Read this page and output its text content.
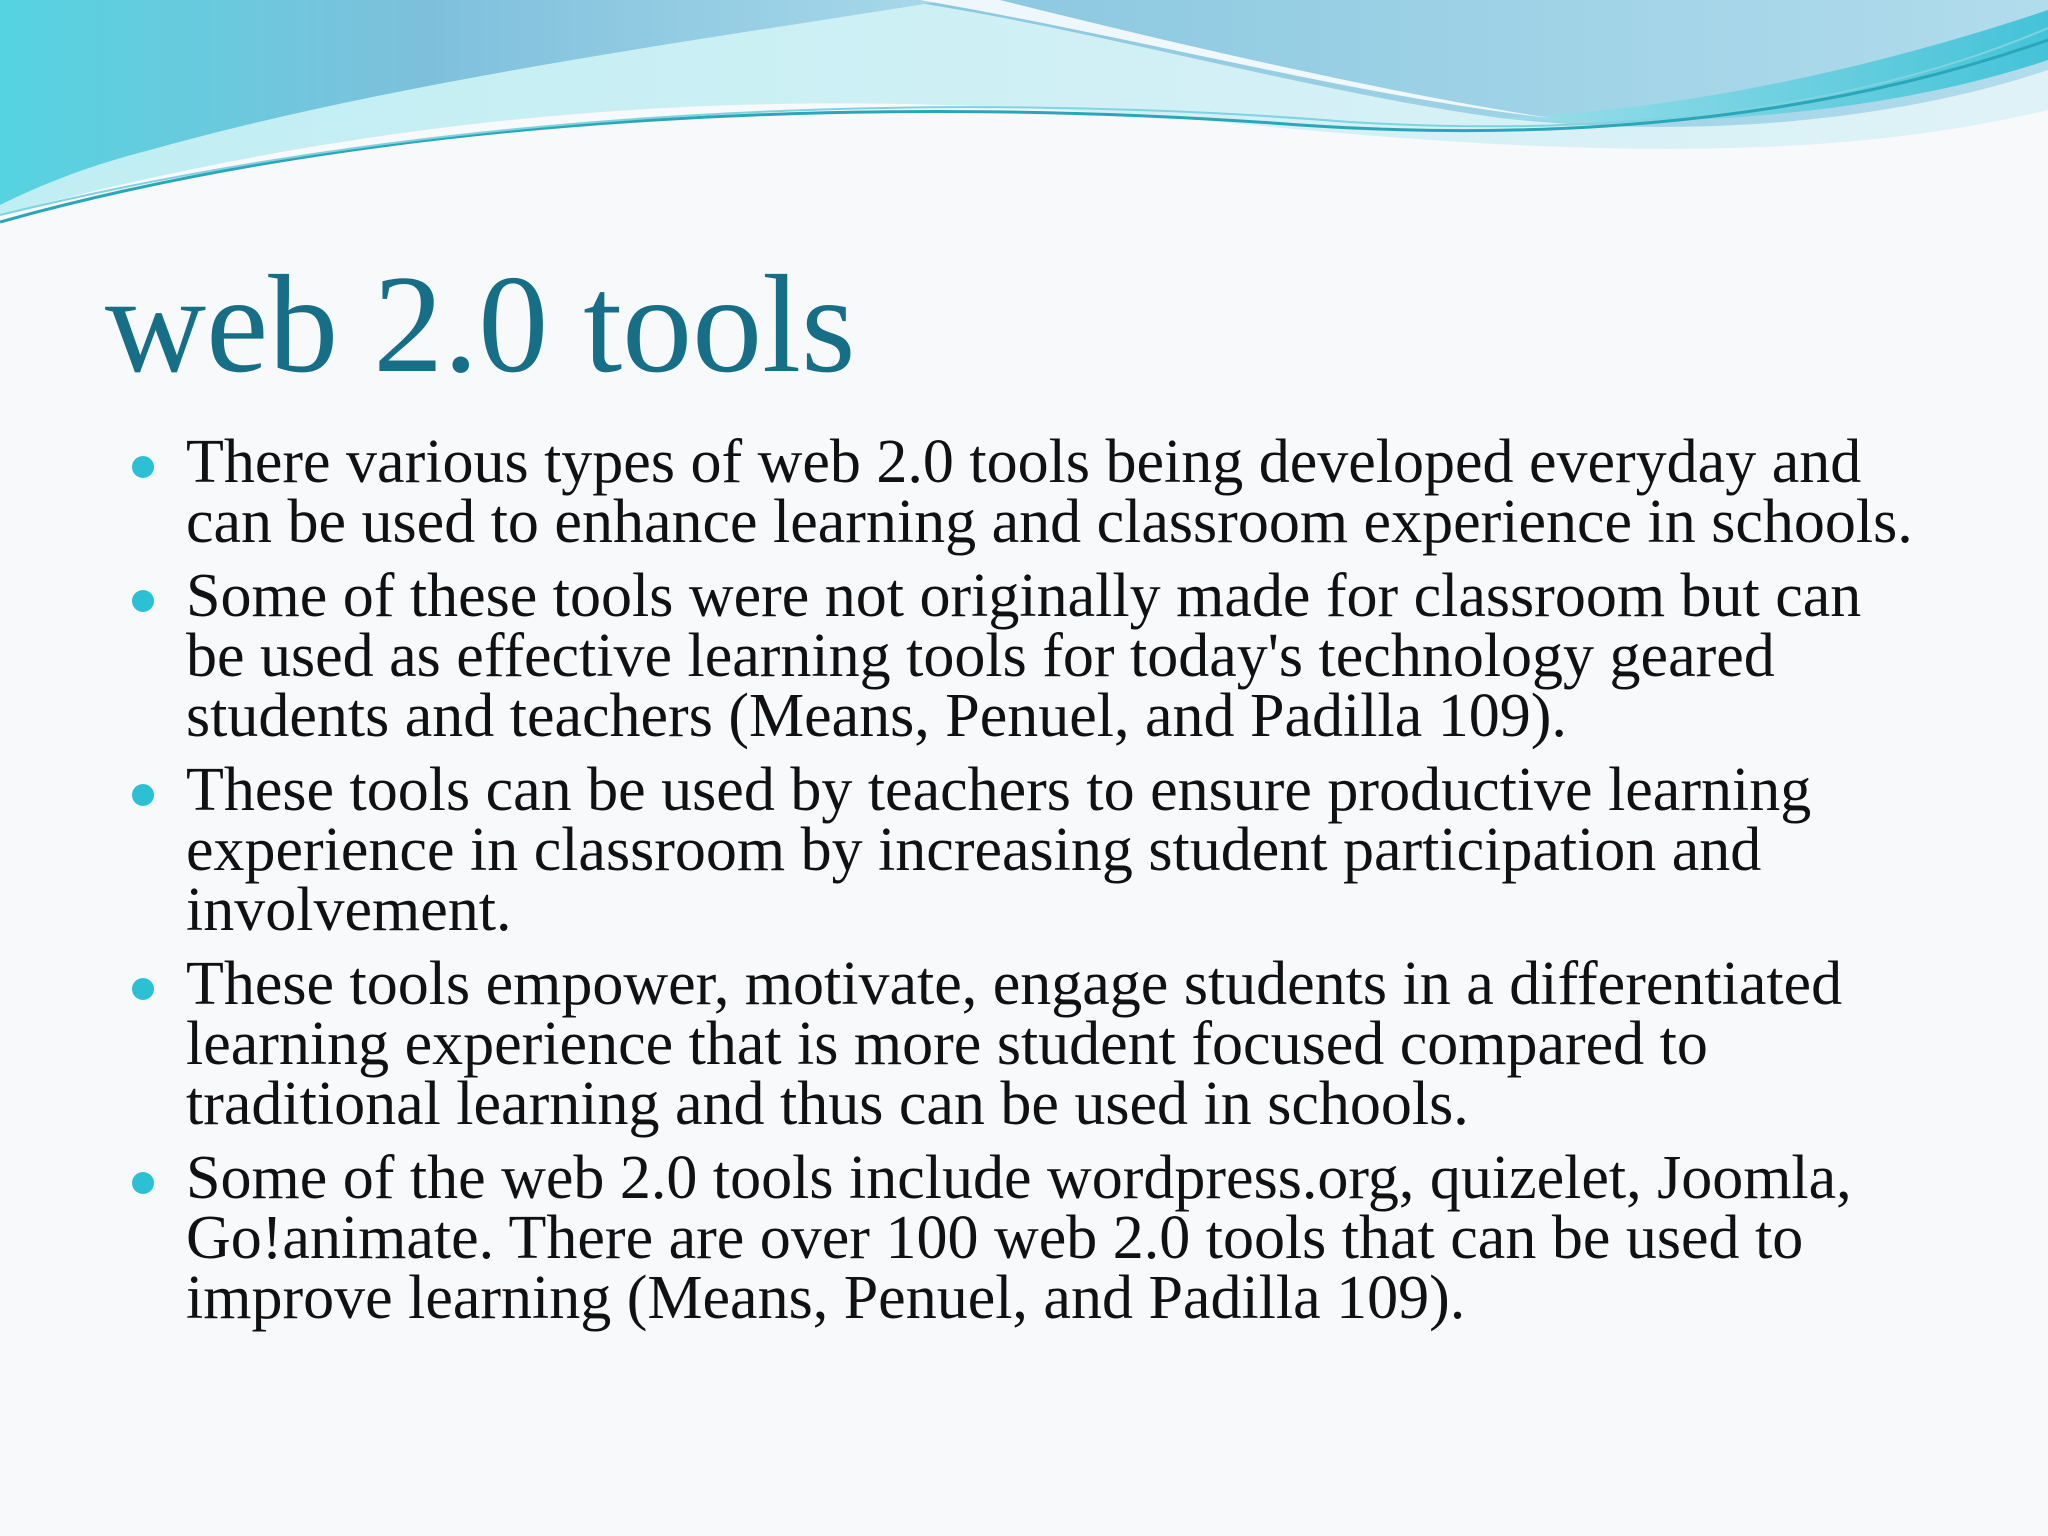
web 2.0 tools
There various types of web 2.0 tools being developed everyday and can be used to enhance learning and classroom experience in schools.
Some of these tools were not originally made for classroom but can be used as effective learning tools for today's technology geared students and teachers (Means, Penuel, and Padilla 109).
These tools can be used by teachers to ensure productive learning experience in classroom by increasing student participation and involvement.
These tools empower, motivate, engage students in a differentiated learning experience that is more student focused compared to traditional learning and thus can be used in schools.
Some of the web 2.0 tools include wordpress.org, quizelet, Joomla, Go!animate. There are over 100 web 2.0 tools that can be used to improve learning (Means, Penuel, and Padilla 109).
